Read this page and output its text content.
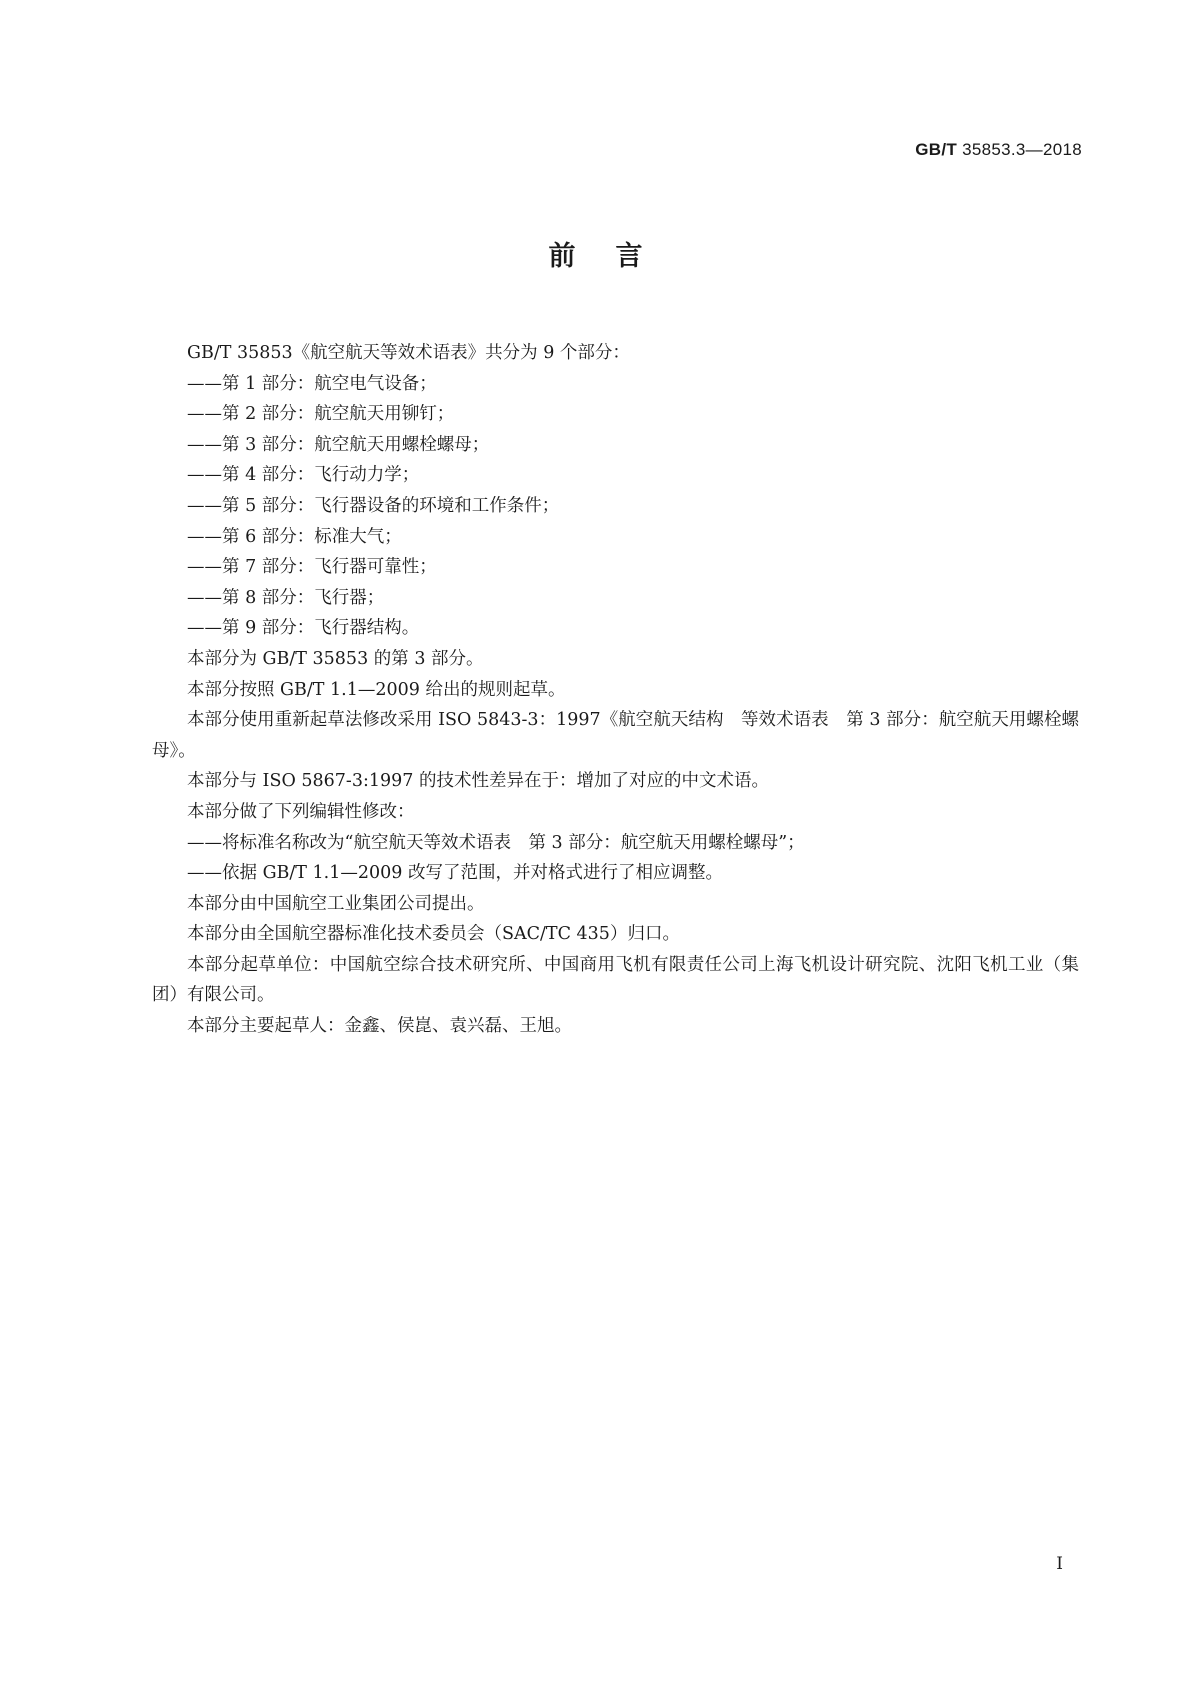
GB/T 35853.3—2018
前言

GB/T 35853《航空航天等效术语表》共分为 9 个部分：

——第 1 部分：航空电气设备；

——第 2 部分：航空航天用铆钉；

——第 3 部分：航空航天用螺栓螺母；

——第 4 部分：飞行动力学；

——第 5 部分：飞行器设备的环境和工作条件；

——第 6 部分：标准大气；

——第 7 部分：飞行器可靠性；

——第 8 部分：飞行器；

——第 9 部分：飞行器结构。

本部分为 GB/T 35853 的第 3 部分。

本部分按照 GB/T 1.1—2009 给出的规则起草。

本部分使用重新起草法修改采用 ISO 5843-3：1997《航空航天结构　等效术语表　第 3 部分：航空航天用螺栓螺母》。

本部分与 ISO 5867-3:1997 的技术性差异在于：增加了对应的中文术语。

本部分做了下列编辑性修改：

——将标准名称改为“航空航天等效术语表　第 3 部分：航空航天用螺栓螺母”；

——依据 GB/T 1.1—2009 改写了范围，并对格式进行了相应调整。

本部分由中国航空工业集团公司提出。

本部分由全国航空器标准化技术委员会（SAC/TC 435）归口。

本部分起草单位：中国航空综合技术研究所、中国商用飞机有限责任公司上海飞机设计研究院、沈阳飞机工业（集团）有限公司。

本部分主要起草人：金鑫、侯崑、袁兴磊、王旭。

I
